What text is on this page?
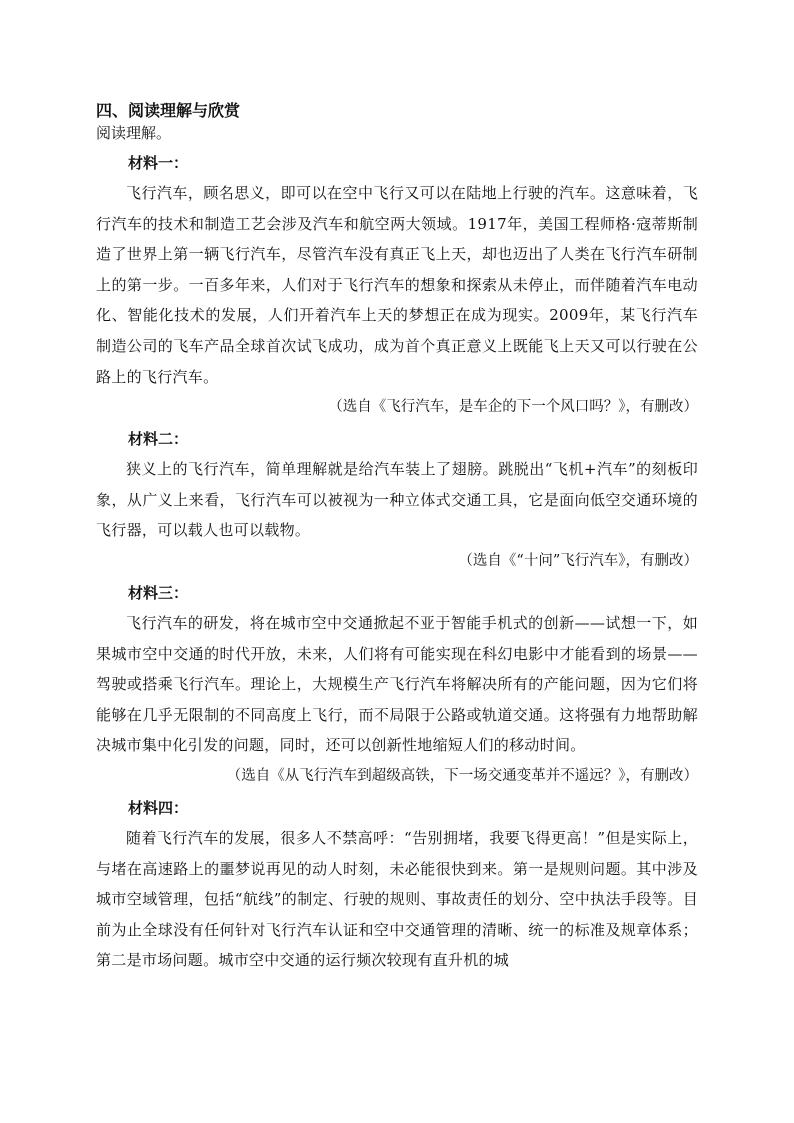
四、阅读理解与欣赏

阅读理解。

材料一：

飞行汽车，顾名思义，即可以在空中飞行又可以在陆地上行驶的汽车。这意味着，飞行汽车的技术和制造工艺会涉及汽车和航空两大领域。1917年，美国工程师格·寇蒂斯制造了世界上第一辆飞行汽车，尽管汽车没有真正飞上天，却也迈出了人类在飞行汽车研制上的第一步。一百多年来，人们对于飞行汽车的想象和探索从未停止，而伴随着汽车电动化、智能化技术的发展，人们开着汽车上天的梦想正在成为现实。2009年，某飞行汽车制造公司的飞车产品全球首次试飞成功，成为首个真正意义上既能飞上天又可以行驶在公路上的飞行汽车。

（选自《飞行汽车，是车企的下一个风口吗？》，有删改）

材料二：

狭义上的飞行汽车，简单理解就是给汽车装上了翅膀。跳脱出“飞机+汽车”的刻板印象，从广义上来看，飞行汽车可以被视为一种立体式交通工具，它是面向低空交通环境的飞行器，可以载人也可以载物。

（选自《“十问”飞行汽车》，有删改）

材料三：

飞行汽车的研发，将在城市空中交通掀起不亚于智能手机式的创新——试想一下，如果城市空中交通的时代开放，未来，人们将有可能实现在科幻电影中才能看到的场景——

驾驶或搭乘飞行汽车。理论上，大规模生产飞行汽车将解决所有的产能问题，因为它们将能够在几乎无限制的不同高度上飞行，而不局限于公路或轨道交通。这将强有力地帮助解决城市集中化引发的问题，同时，还可以创新性地缩短人们的移动时间。

（选自《从飞行汽车到超级高铁，下一场交通变革并不遥远？》，有删改）

材料四：

随着飞行汽车的发展，很多人不禁高呼：“告别拥堵，我要飞得更高！”但是实际上，与堵在高速路上的噩梦说再见的动人时刻，未必能很快到来。第一是规则问题。其中涉及城市空域管理，包括“航线”的制定、行驶的规则、事故责任的划分、空中执法手段等。目前为止全球没有任何针对飞行汽车认证和空中交通管理的清晰、统一的标准及规章体系；第二是市场问题。城市空中交通的运行频次较现有直升机的城
